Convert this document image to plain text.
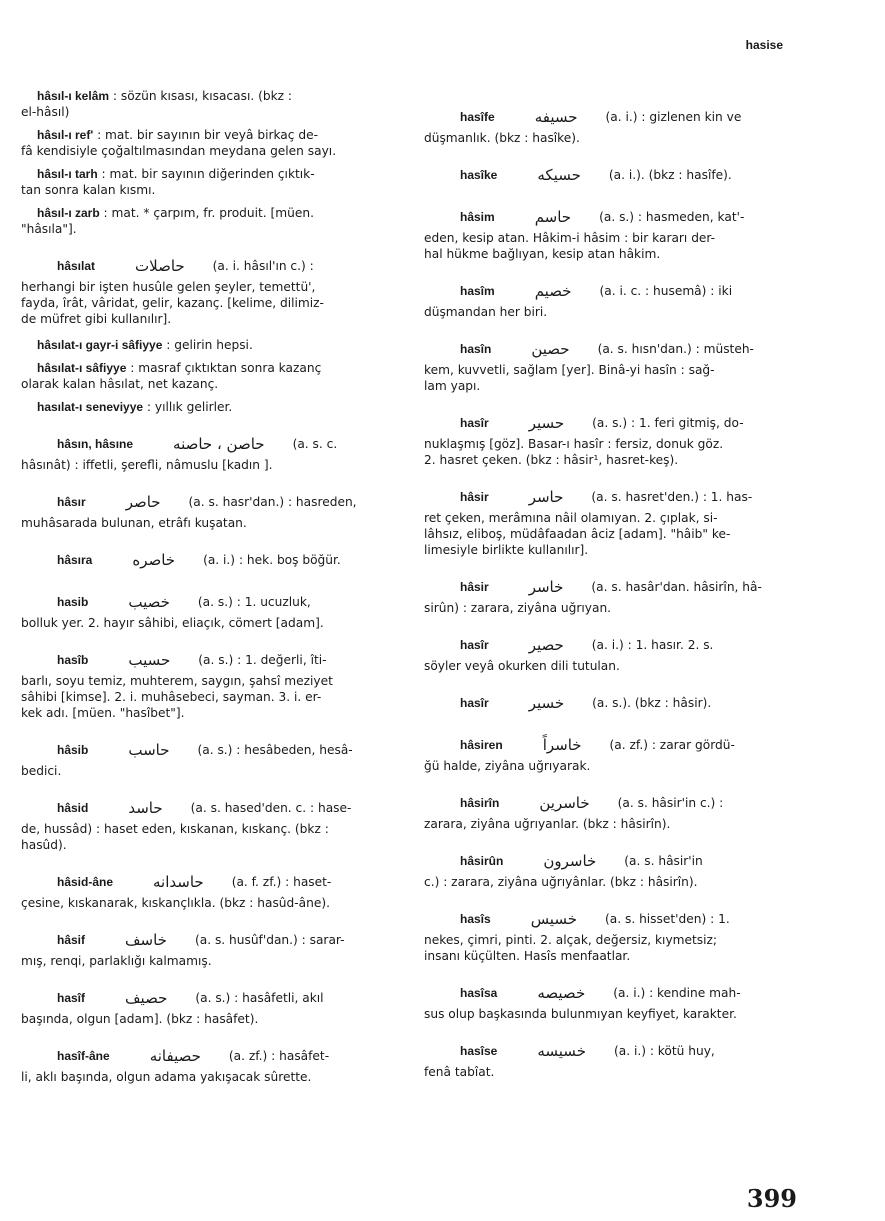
hasise

hâsıl-ı kelâm : sözün kısası, kısacası. (bkz :

el-hâsıl)

hâsıl-ı ref' : mat. bir sayının bir veyâ birkaç de-

fâ kendisiyle çoğaltılmasından meydana gelen sayı.

hâsıl-ı tarh : mat. bir sayının diğerinden çıktık-

tan sonra kalan kısmı.

hâsıl-ı zarb : mat. * çarpım, fr. produit. [müen.

"hâsıla"].

hâsılat	حاصلات (a. i. hâsıl'ın c.) :

herhangi bir işten husûle gelen şeyler, temettü',

fayda, îrât, vâridat, gelir, kazanç. [kelime, dilimiz-

de müfret gibi kullanılır].

hâsılat-ı gayr-i sâfiyye : gelirin hepsi.

hâsılat-ı sâfiyye : masraf çıktıktan sonra kazanç

olarak kalan hâsılat, net kazanç.

hasılat-ı seneviyye : yıllık gelirler.

hâsın, hâsıne	حاصن ، حاصنه (a. s. c.

hâsınât) : iffetli, şerefli, nâmuslu [kadın ].

hâsır	حاصر (a. s. hasr'dan.) : hasreden,

muhâsarada bulunan, etrâfı kuşatan.

hâsıra	خاصره (a. i.) : hek. boş böğür.
hasib	خصيب (a. s.) : 1. ucuzluk,

bolluk yer. 2. hayır sâhibi, eliaçık, cömert [adam].

hasîb	حسيب (a. s.) : 1. değerli, îti-

barlı, soyu temiz, muhterem, saygın, şahsî meziyet

sâhibi [kimse]. 2. i. muhâsebeci, sayman. 3. i. er-

kek adı. [müen. "hasîbet"].

hâsib	حاسب (a. s.) : hesâbeden, hesâ-

bedici.

hâsid	حاسد (a. s. hased'den. c. : hase-

de, hussâd) : haset eden, kıskanan, kıskanç. (bkz :

hasûd).

hâsid-âne	حاسدانه (a. f. zf.) : haset-

çesine, kıskanarak, kıskançlıkla. (bkz : hasûd-âne).

hâsif	خاسف (a. s. husûf'dan.) : sarar-

mış, renqi, parlaklığı kalmamış.

hasîf	حصيف (a. s.) : hasâfetli, akıl

başında, olgun [adam]. (bkz : hasâfet).

hasîf-âne	حصيفانه (a. zf.) : hasâfet-

li, aklı başında, olgun adama yakışacak sûrette.

hasîfe	حسيفه (a. i.) : gizlenen kin ve

düşmanlık. (bkz : hasîke).

hasîke	حسيكه (a. i.). (bkz : hasîfe).
hâsim	حاسم (a. s.) : hasmeden, kat'-

eden, kesip atan. Hâkim-i hâsim : bir kararı der-

hal hükme bağlıyan, kesip atan hâkim.

hasîm	خصيم (a. i. c. : husemâ) : iki

düşmandan her biri.

hasîn	حصين (a. s. hısn'dan.) : müsteh-

kem, kuvvetli, sağlam [yer]. Binâ-yi hasîn : sağ-

lam yapı.

hasîr	حسير (a. s.) : 1. feri gitmiş, do-

nuklaşmış [göz]. Basar-ı hasîr : fersiz, donuk göz.

2. hasret çeken. (bkz : hâsir¹, hasret-keş).

hâsir	حاسر (a. s. hasret'den.) : 1. has-

ret çeken, merâmına nâil olamıyan. 2. çıplak, si-

lâhsız, eliboş, müdâfaadan âciz [adam]. "hâib" ke-

limesiyle birlikte kullanılır].

hâsir	خاسر (a. s. hasâr'dan. hâsirîn, hâ-

sirûn) : zarara, ziyâna uğrıyan.

hasîr	حصير (a. i.) : 1. hasır. 2. s.

söyler veyâ okurken dili tutulan.

hasîr	خسير (a. s.). (bkz : hâsir).
hâsiren	خاسراً (a. zf.) : zarar gördü-

ğü halde, ziyâna uğrıyarak.

hâsirîn	خاسرين (a. s. hâsir'in c.) :

zarara, ziyâna uğrıyanlar. (bkz : hâsirîn).

hâsirûn	خاسرون (a. s. hâsir'in

c.) : zarara, ziyâna uğrıyânlar. (bkz : hâsirîn).

hasîs	خسيس (a. s. hisset'den) : 1.

nekes, çimri, pinti. 2. alçak, değersiz, kıymetsiz;

insanı küçülten. Hasîs menfaatlar.

hasîsa	خصيصه (a. i.) : kendine mah-

sus olup başkasında bulunmıyan keyfiyet, karakter.

hasîse	خسيسه (a. i.) : kötü huy,

fenâ tabîat.

399
